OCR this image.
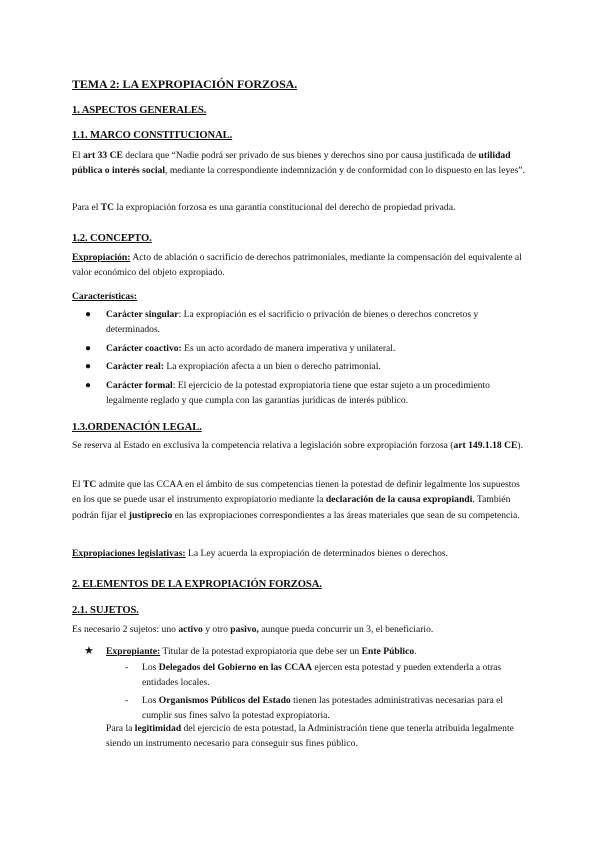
TEMA 2: LA EXPROPIACIÓN FORZOSA.
1. ASPECTOS GENERALES.
1.1. MARCO CONSTITUCIONAL.

El art 33 CE declara que “Nadie podrá ser privado de sus bienes y derechos sino por causa justificada de utilidad pública o interés social, mediante la correspondiente indemnización y de conformidad con lo dispuesto en las leyes”.

Para el TC la expropiación forzosa es una garantía constitucional del derecho de propiedad privada.

1.2. CONCEPTO.

Expropiación: Acto de ablación o sacrificio de derechos patrimoniales, mediante la compensación del equivalente al valor económico del objeto expropiado.

Características:
● Carácter singular: La expropiación es el sacrificio o privación de bienes o derechos concretos y determinados.
● Carácter coactivo: Es un acto acordado de manera imperativa y unilateral.
● Carácter real: La expropiación afecta a un bien o derecho patrimonial.
● Carácter formal: El ejercicio de la potestad expropiatoria tiene que estar sujeto a un procedimiento legalmente reglado y que cumpla con las garantías jurídicas de interés público.
1.3.ORDENACIÓN LEGAL.

Se reserva al Estado en exclusiva la competencia relativa a legislación sobre expropiación forzosa (art 149.1.18 CE).

El TC admite que las CCAA en el ámbito de sus competencias tienen la potestad de definir legalmente los supuestos en los que se puede usar el instrumento expropiatorio mediante la declaración de la causa expropiandi. También podrán fijar el justiprecio en las expropiaciones correspondientes a las áreas materiales que sean de su competencia.

Expropiaciones legislativas: La Ley acuerda la expropiación de determinados bienes o derechos.

2. ELEMENTOS DE LA EXPROPIACIÓN FORZOSA.
2.1. SUJETOS.

Es necesario 2 sujetos: uno activo y otro pasivo, aunque pueda concurrir un 3, el beneficiario.

★ Expropiante: Titular de la potestad expropiatoria que debe ser un Ente Público.
- Los Delegados del Gobierno en las CCAA ejercen esta potestad y pueden extenderla a otras entidades locales.
- Los Organismos Públicos del Estado tienen las potestades administrativas necesarias para el cumplir sus fines salvo la potestad expropiatoria.

Para la legitimidad del ejercicio de esta potestad, la Administración tiene que tenerla atribuida legalmente siendo un instrumento necesario para conseguir sus fines público.
